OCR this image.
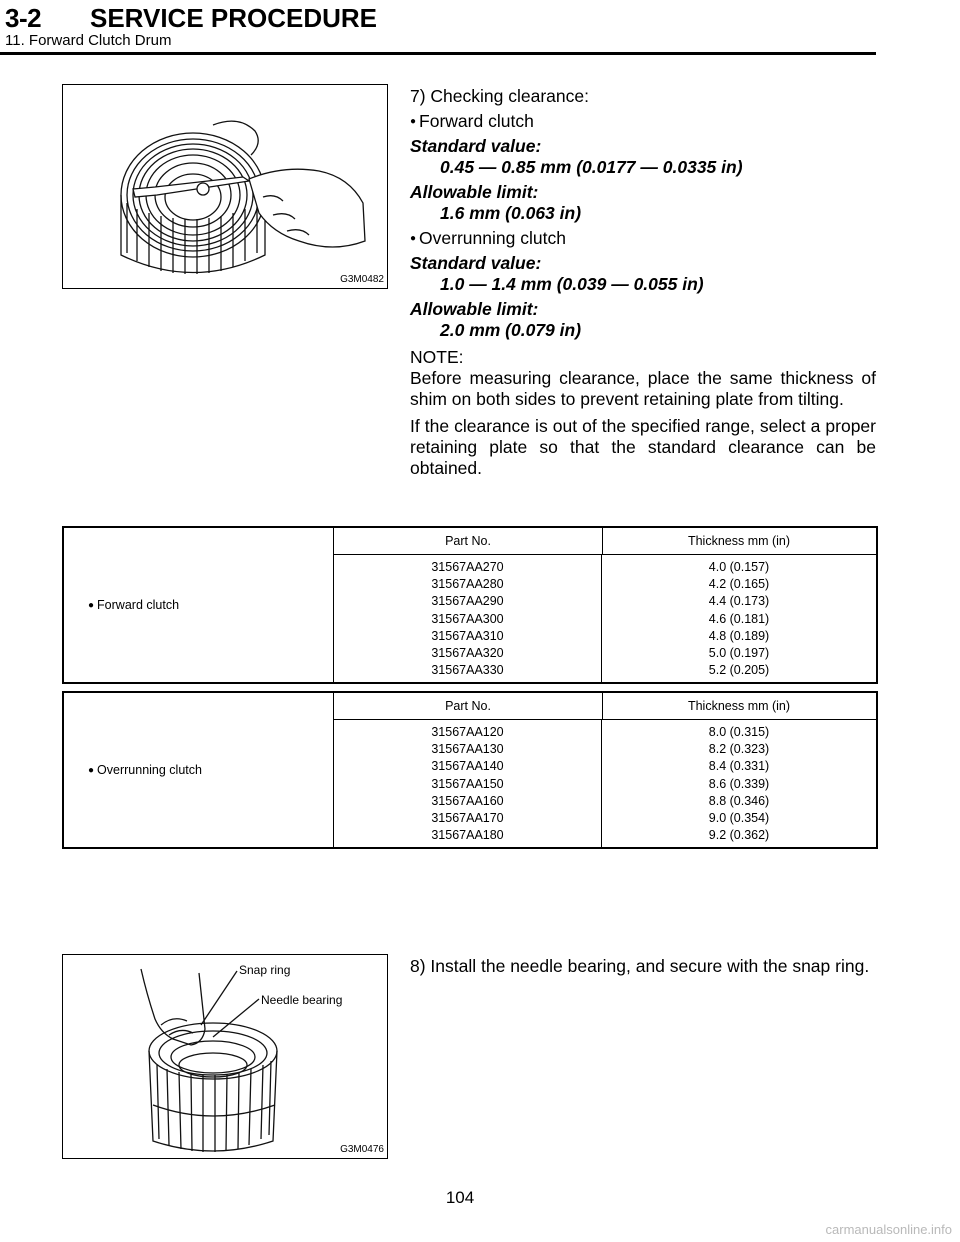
3-2 SERVICE PROCEDURE
11. Forward Clutch Drum
G3M0482

7) Checking clearance:

● Forward clutch

Standard value:

0.45 — 0.85 mm (0.0177 — 0.0335 in)

Allowable limit:

1.6 mm (0.063 in)

● Overrunning clutch

Standard value:

1.0 — 1.4 mm (0.039 — 0.055 in)

Allowable limit:

2.0 mm (0.079 in)

NOTE:

Before measuring clearance, place the same thickness of shim on both sides to prevent retaining plate from tilting.

If the clearance is out of the specified range, select a proper retaining plate so that the standard clearance can be obtained.

● Forward clutch
Part No.	Thickness mm (in)
31567AA270
31567AA280
31567AA290
31567AA300
31567AA310
31567AA320
31567AA330
4.0 (0.157)
4.2 (0.165)
4.4 (0.173)
4.6 (0.181)
4.8 (0.189)
5.0 (0.197)
5.2 (0.205)
● Overrunning clutch
Part No.	Thickness mm (in)
31567AA120
31567AA130
31567AA140
31567AA150
31567AA160
31567AA170
31567AA180
8.0 (0.315)
8.2 (0.323)
8.4 (0.331)
8.6 (0.339)
8.8 (0.346)
9.0 (0.354)
9.2 (0.362)
Snap ring
Needle bearing
G3M0476
8) Install the needle bearing, and secure with the snap ring.
104
carmanualsonline.info
